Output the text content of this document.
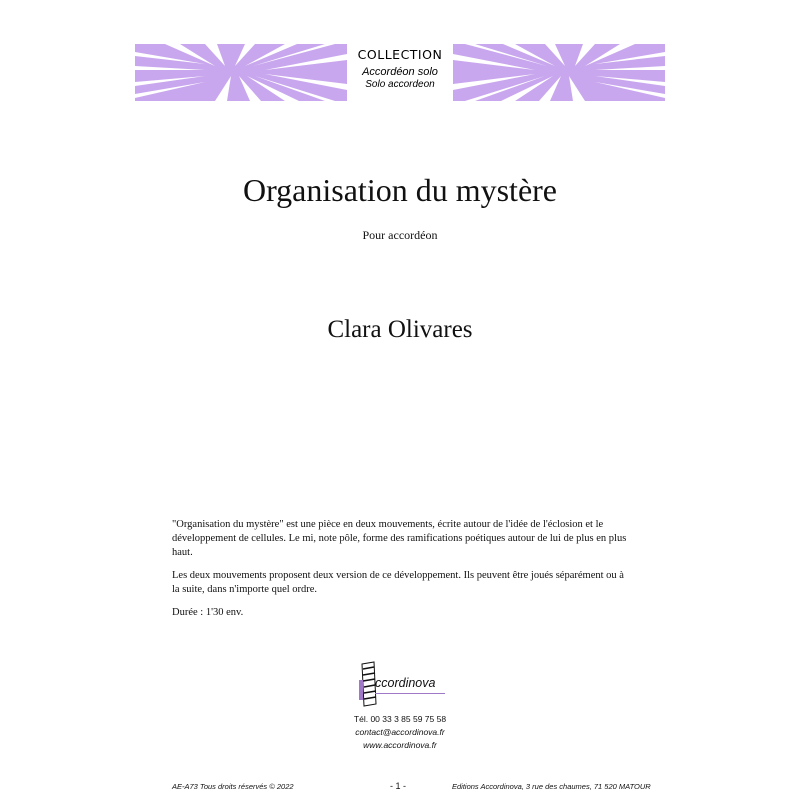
COLLECTION
Accordéon solo
Solo accordeon
Organisation du mystère
Pour accordéon
Clara Olivares

"Organisation du mystère" est une pièce en deux mouvements, écrite autour de l'idée de l'éclosion et le développement de cellules. Le mi, note pôle, forme des ramifications poétiques autour de lui de plus en plus haut.

Les deux mouvements proposent deux version de ce développement. Ils peuvent être joués séparément ou à la suite, dans n'importe quel ordre.

Durée : 1'30 env.

ccordinova
Tél. 00 33 3 85 59 75 58
contact@accordinova.fr
www.accordinova.fr
AE-A73 Tous droits réservés © 2022	- 1 -	Editions Accordinova, 3 rue des chaumes, 71 520 MATOUR
